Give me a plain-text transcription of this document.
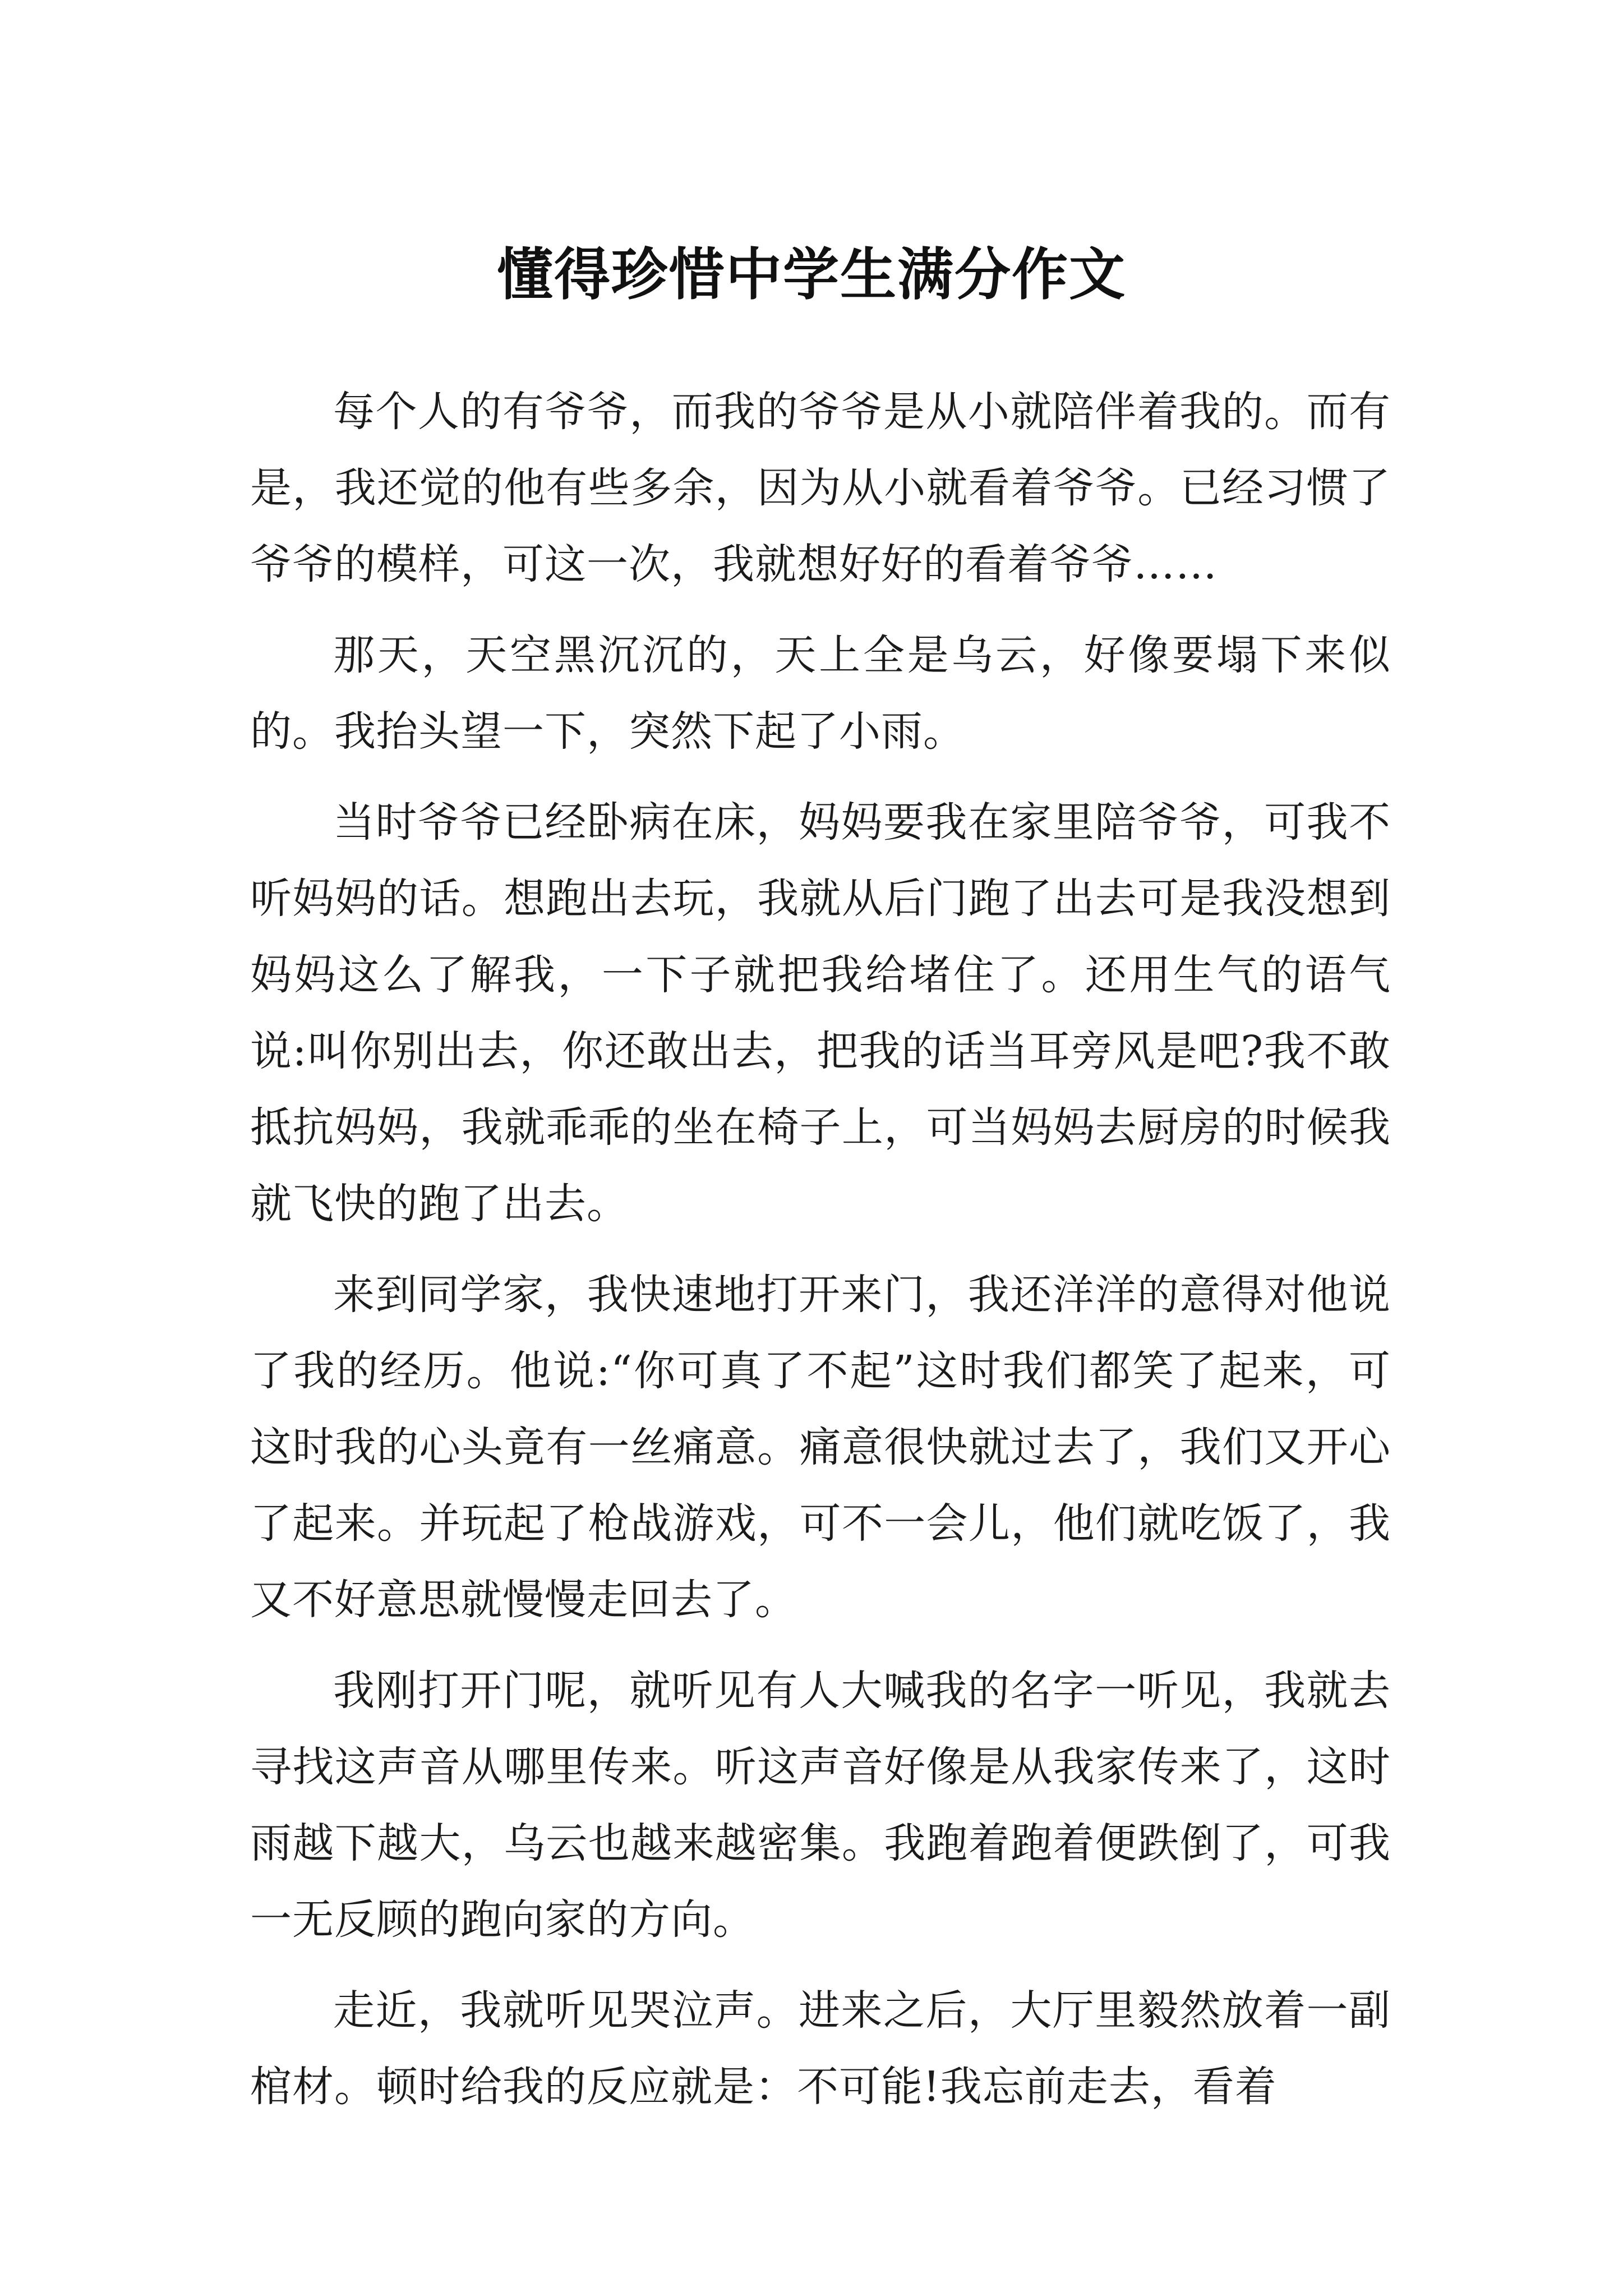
懂得珍惜中学生满分作文

每个人的有爷爷，而我的爷爷是从小就陪伴着我的。而有是，我还觉的他有些多余，因为从小就看着爷爷。已经习惯了爷爷的模样，可这一次，我就想好好的看着爷爷……

那天，天空黑沉沉的，天上全是乌云，好像要塌下来似的。我抬头望一下，突然下起了小雨。

当时爷爷已经卧病在床，妈妈要我在家里陪爷爷，可我不听妈妈的话。想跑出去玩，我就从后门跑了出去可是我没想到妈妈这么了解我，一下子就把我给堵住了。还用生气的语气说:叫你别出去，你还敢出去，把我的话当耳旁风是吧?我不敢抵抗妈妈，我就乖乖的坐在椅子上，可当妈妈去厨房的时候我就飞快的跑了出去。

来到同学家，我快速地打开来门，我还洋洋的意得对他说了我的经历。他说:“你可真了不起”这时我们都笑了起来，可这时我的心头竟有一丝痛意。痛意很快就过去了，我们又开心了起来。并玩起了枪战游戏，可不一会儿，他们就吃饭了，我又不好意思就慢慢走回去了。

我刚打开门呢，就听见有人大喊我的名字一听见，我就去寻找这声音从哪里传来。听这声音好像是从我家传来了，这时雨越下越大，乌云也越来越密集。我跑着跑着便跌倒了，可我一无反顾的跑向家的方向。

走近，我就听见哭泣声。进来之后，大厅里毅然放着一副棺材。顿时给我的反应就是：不可能!我忘前走去，看着
